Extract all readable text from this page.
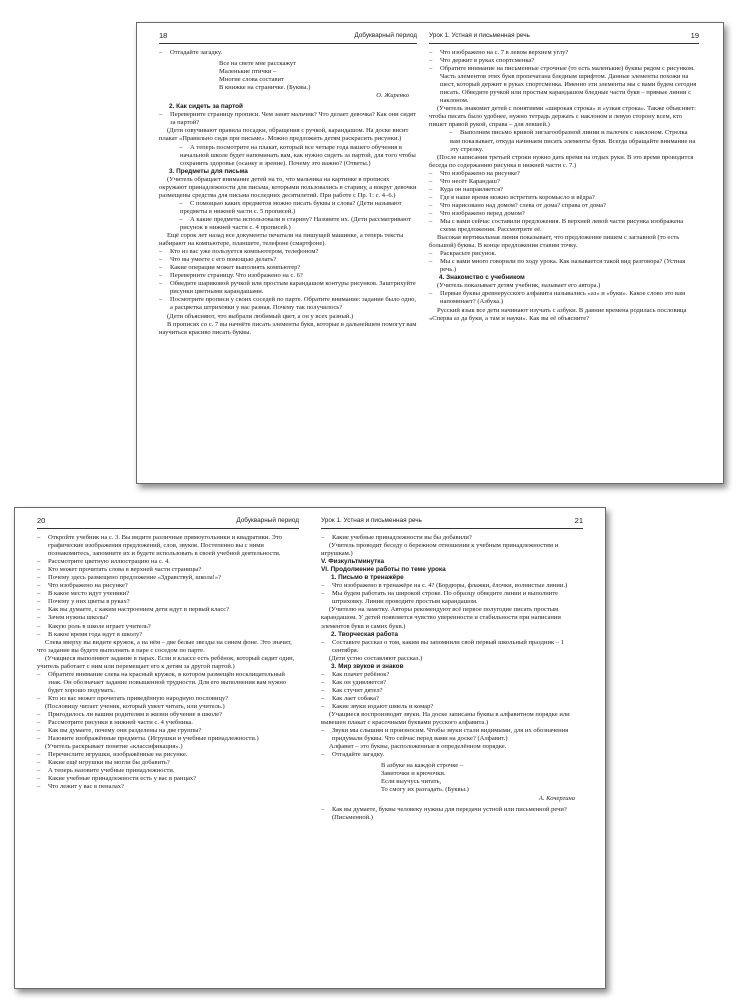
18	Добукварный период

– Отгадайте загадку.

Все на свете мне расскажут
Маленькие птички –
Многие слова составит
В книжке на страничке. (Буквы.)
О. Жиренко

2. Как сидеть за партой

– Переверните страницу прописи. Чем занят мальчик? Что делает девочка? Как они сидят за партой?

(Дети озвучивают правила посадки, обращения с ручкой, карандашом. На доске висит плакат «Правильно сиди при письме». Можно предложить детям раскрасить рисунки.)

– А теперь посмотрите на плакат, который все четыре года вашего обучения в начальной школе будет напоминать вам, как нужно сидеть за партой, для того чтобы сохранить здоровье (осанку и зрение). Почему это важно? (Ответы.)

3. Предметы для письма

(Учитель обращает внимание детей на то, что мальчика на картинке в прописях окружают принадлежности для письма, которыми пользовались в старину, а вокруг девочки размещены средства для письма последних десятилетий. При работе с Пр. 1: с. 4–6.)

– С помощью каких предметов можно писать буквы и слова? (Дети называют предметы в нижней части с. 5 прописей.)

– А какие предметы использовали в старину? Назовите их. (Дети рассматривают рисунок в нижней части с. 4 прописей.)

Ещё сорок лет назад все документы печатали на пишущей машинке, а теперь тексты набирают на компьютере, планшете, телефоне (смартфоне).

– Кто из вас уже пользуется компьютером, телефоном?

– Что вы умеете с его помощью делать?

– Какие операции может выполнять компьютер?

– Переверните страницу. Что изображено на с. 6?

– Обведите шариковой ручкой или простым карандашом контуры рисунков. Заштрихуйте рисунки цветными карандашами.

– Посмотрите прописи у своих соседей по парте. Обратите внимание: задание было одно, а расцветка штриховки у вас разная. Почему так получилось?

(Дети объясняют, что выбрали любимый цвет, а он у всех разный.)

В прописях со с. 7 вы начнёте писать элементы букв, которые в дальнейшем помогут вам научиться красиво писать буквы.

Урок 1. Устная и письменная речь	19

– Что изображено на с. 7 в левом верхнем углу?

– Что держит в руках спортсменка?

– Обратите внимание на письменные строчные (то есть маленькие) буквы рядом с рисунком. Часть элементов этих букв пропечатана бледным шрифтом. Данные элементы похожи на шест, который держит в руках спортсменка. Именно эти элементы мы с вами будем сегодня писать. Обведите ручкой или простым карандашом бледные части букв – прямые линии с наклоном.

(Учитель знакомит детей с понятиями «широкая строка» и «узкая строка». Также объясняет: чтобы писать было удобнее, нужно тетрадь держать с наклоном в левую сторону всем, кто пишет правой рукой, справа – для левшей.)

– Выполним письмо кривой зигзагообразной линии и палочек с наклоном. Стрелка вам показывает, откуда начинаем писать элементы букв. Всегда обращайте внимание на эту стрелку.

(После написания третьей строки нужно дать время на отдых руки. В это время проводится беседа по содержанию рисунка в нижней части с. 7.)

– Что изображено на рисунке?

– Что несёт Карандаш?

– Куда он направляется?

– Где в наше время можно встретить коромысло и вёдра?

– Что нарисовано над домом? слева от дома? справа от дома?

– Что изображено перед домом?

– Мы с вами сейчас составили предложения. В верхней левой части рисунка изображена схема предложения. Рассмотрите её.

Высокая вертикальная линия показывает, что предложение пишем с заглавной (то есть большой) буквы. В конце предложения ставим точку.

– Раскрасьте рисунок.

– Мы с вами много говорили по ходу урока. Как называется такой вид разговора? (Устная речь.)

4. Знакомство с учебником

(Учитель показывает детям учебник, называет его автора.)

– Первые буквы древнерусского алфавита назывались «аз» и «буки». Какое слово это вам напоминает? (Азбука.)

Русский язык все дети начинают изучать с азбуки. В давние времена родилась пословица «Сперва аз да буки, а там и науки». Как вы её объясните?

20	Добукварный период

– Откройте учебник на с. 3. Вы видите различные прямоугольники и квадратики. Это графические изображения предложений, слов, звуков. Постепенно вы с ними познакомитесь, запомните их и будете использовать в своей учебной деятельности.

– Рассмотрите цветную иллюстрацию на с. 4.

– Кто может прочитать слова в верхней части страницы?

– Почему здесь размещено предложение «Здравствуй, школа!»?

– Что изображено на рисунке?

– В какое место идут ученики?

– Почему у них цветы в руках?

– Как вы думаете, с каким настроением дети идут в первый класс?

– Зачем нужны школы?

– Какую роль в школе играет учитель?

– В какое время года идут в школу?

Слева вверху вы видите кружок, а на нём – две белые звезды на синем фоне. Это значит, что задание вы будете выполнять в паре с соседом по парте.

(Учащиеся выполняют задание в парах. Если в классе есть ребёнок, который сидит один, учитель работает с ним или перемещает его к детям за другой партой.)

– Обратите внимание слева на красный кружок, в котором размещён восклицательный знак. Он обозначает задание повышенной трудности. Для его выполнения вам нужно будет хорошо подумать.

– Кто из вас может прочитать приведённую народную пословицу?

(Пословицу читает ученик, который умеет читать, или учитель.)

– Пригодилось ли вашим родителям в жизни обучение в школе?

– Рассмотрите рисунки в нижней части с. 4 учебника.

– Как вы думаете, почему они разделены на две группы?

– Назовите изображённые предметы. (Игрушки и учебные принадлежности.)

(Учитель раскрывает понятие «классификация».)

– Перечислите игрушки, изображённые на рисунке.

– Какие ещё игрушки вы могли бы добавить?

– А теперь назовите учебные принадлежности.

– Какие учебные принадлежности есть у вас в ранцах?

– Что лежит у вас в пеналах?

Урок 1. Устная и письменная речь	21

– Какие учебные принадлежности вы бы добавили?

(Учитель проводит беседу о бережном отношении к учебным принадлежностям и игрушкам.)

V. Физкультминутка

VI. Продолжение работы по теме урока

1. Письмо в тренажёре

– Что изображено в тренажёре на с. 4? (Бордюры, флажки, ёлочки, волнистые линии.)

– Мы будем работать на широкой строке. По образцу обведите линии и выполните штриховку. Линии проводите простым карандашом.

(Учителю на заметку. Авторы рекомендуют всё первое полугодие писать простым карандашом. У детей появляется чувство уверенности и стабильности при написании элементов букв и самих букв.)

2. Творческая работа

– Составьте рассказ о том, каким вы запомнили свой первый школьный праздник – 1 сентября.

(Дети устно составляют рассказ.)

3. Мир звуков и знаков

– Как плачет ребёнок?

– Как он удивляется?

– Как стучит дятел?

– Как лает собака?

– Какие звуки издают шмель и комар?

(Учащиеся воспроизводят звуки. На доске записаны буквы в алфавитном порядке или вывешен плакат с красочными буквами русского алфавита.)

– Звуки мы слышим и произносим. Чтобы звуки стали видимыми, для их обозначения придумали буквы. Что сейчас перед вами на доске? (Алфавит.)

Алфавит – это буквы, расположенные в определённом порядке.

– Отгадайте загадку.

В азбуке на каждой строчке –
Завиточки и крючочки.
Если выучусь читать,
То смогу их разгадать. (Буквы.)
А. Кочергина

– Как вы думаете, буквы человеку нужны для передачи устной или письменной речи? (Письменной.)
